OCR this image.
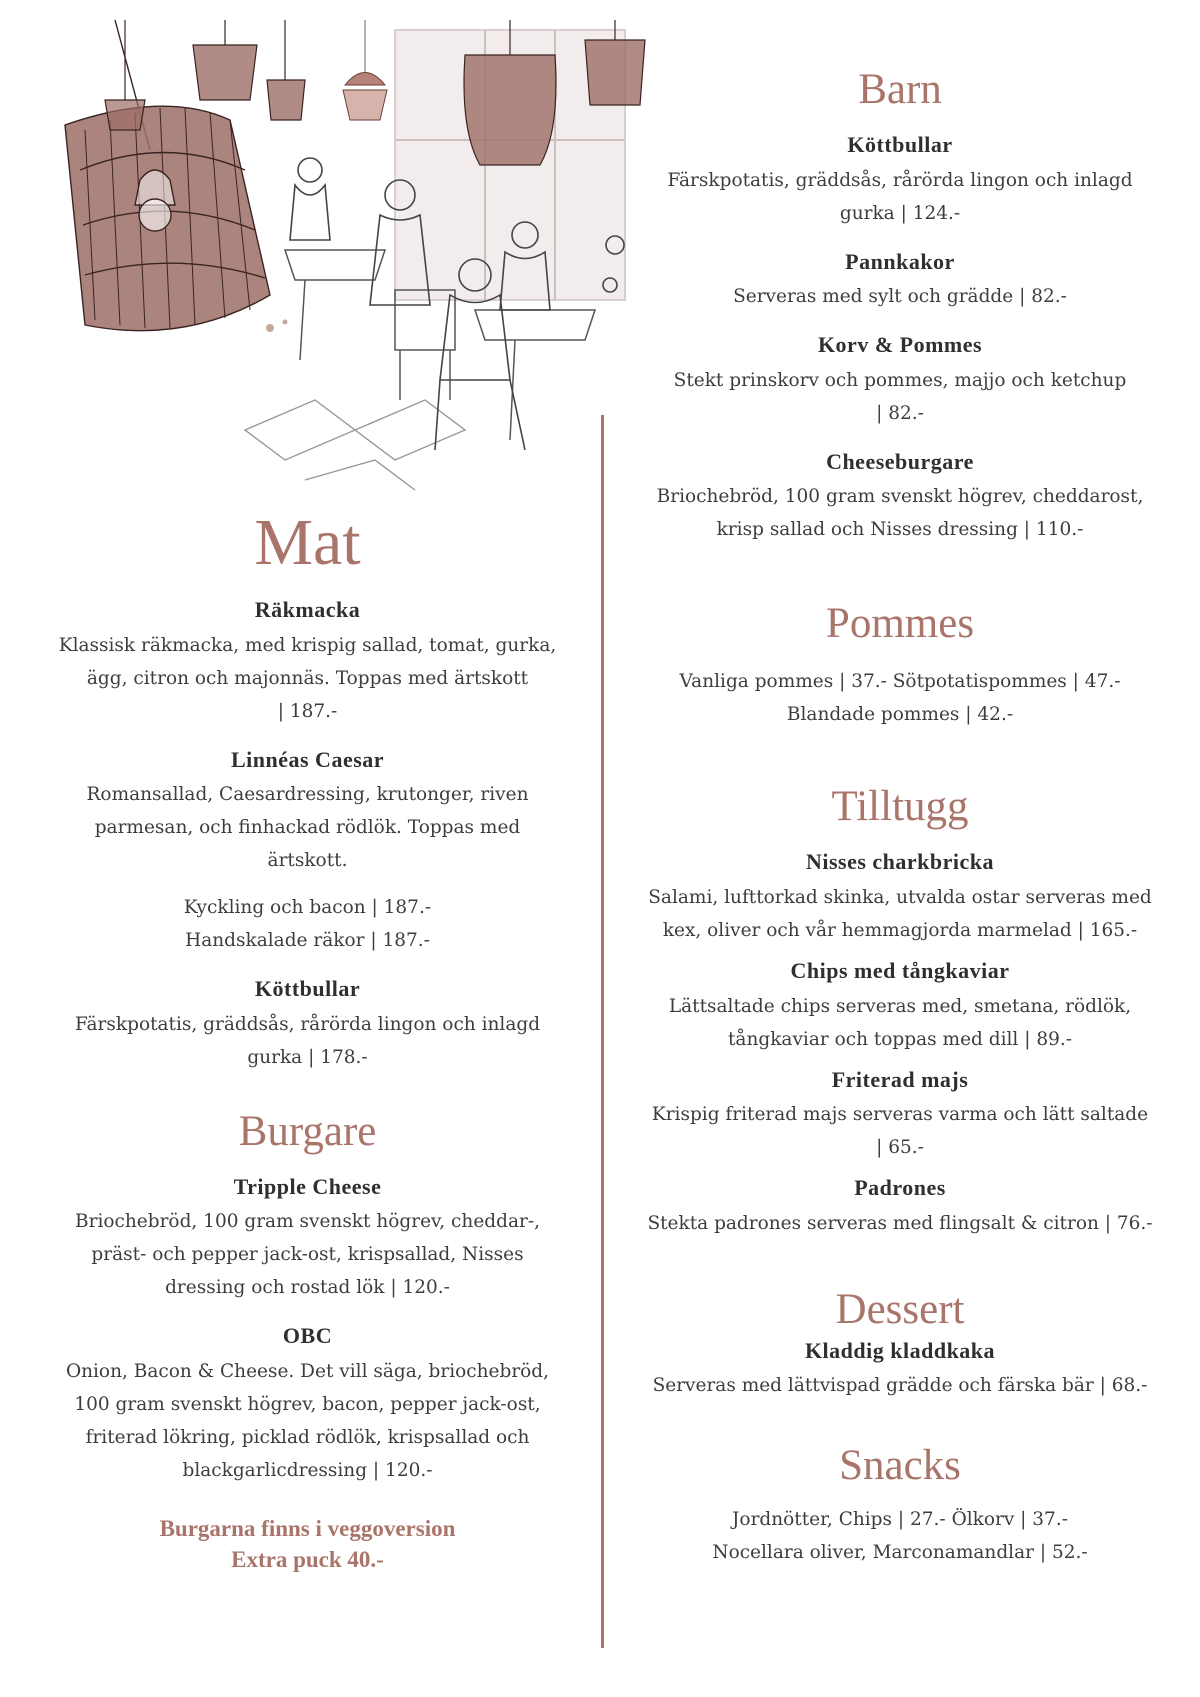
Mat

Räkmacka

Klassisk räkmacka, med krispig sallad, tomat, gurka,

ägg, citron och majonnäs. Toppas med ärtskott

| 187.-

Linnéas Caesar

Romansallad, Caesardressing, krutonger, riven

parmesan, och finhackad rödlök. Toppas med

ärtskott.

Kyckling och bacon | 187.-

Handskalade räkor | 187.-

Köttbullar

Färskpotatis, gräddsås, rårörda lingon och inlagd

gurka | 178.-

Burgare

Tripple Cheese

Briochebröd, 100 gram svenskt högrev, cheddar-,

präst- och pepper jack-ost, krispsallad, Nisses

dressing och rostad lök | 120.-

OBC

Onion, Bacon & Cheese. Det vill säga, briochebröd,

100 gram svenskt högrev, bacon, pepper jack-ost,

friterad lökring, picklad rödlök, krispsallad och

blackgarlicdressing | 120.-

Burgarna finns i veggoversion

Extra puck 40.-

Barn

Köttbullar

Färskpotatis, gräddsås, rårörda lingon och inlagd

gurka | 124.-

Pannkakor

Serveras med sylt och grädde | 82.-

Korv & Pommes

Stekt prinskorv och pommes, majjo och ketchup

| 82.-

Cheeseburgare

Briochebröd, 100 gram svenskt högrev, cheddarost,

krisp sallad och Nisses dressing | 110.-

Pommes

Vanliga pommes | 37.- Sötpotatispommes | 47.-

Blandade pommes | 42.-

Tilltugg

Nisses charkbricka

Salami, lufttorkad skinka, utvalda ostar serveras med

kex, oliver och vår hemmagjorda marmelad | 165.-

Chips med tångkaviar

Lättsaltade chips serveras med, smetana, rödlök,

tångkaviar och toppas med dill | 89.-

Friterad majs

Krispig friterad majs serveras varma och lätt saltade

| 65.-

Padrones

Stekta padrones serveras med flingsalt & citron | 76.-

Dessert

Kladdig kladdkaka

Serveras med lättvispad grädde och färska bär | 68.-

Snacks

Jordnötter, Chips | 27.- Ölkorv | 37.-

Nocellara oliver, Marconamandlar | 52.-
